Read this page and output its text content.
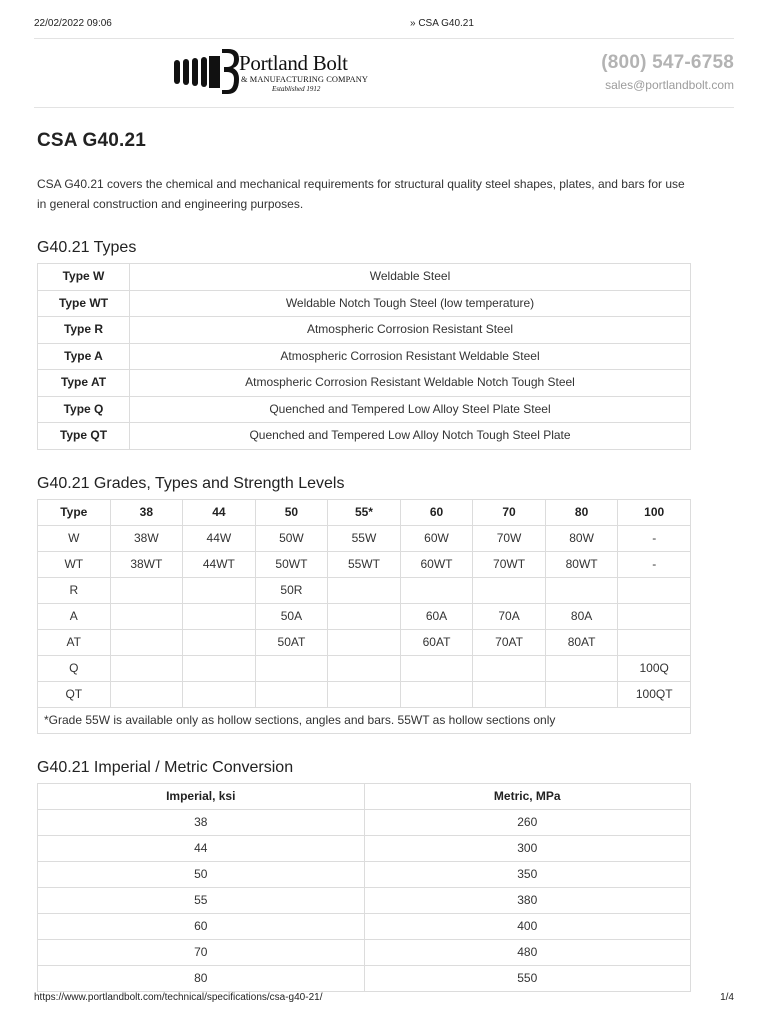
22/02/2022 09:06	» CSA G40.21
Portland Bolt
& MANUFACTURING COMPANY
Established 1912
(800) 547-6758
sales@portlandbolt.com
CSA G40.21

CSA G40.21 covers the chemical and mechanical requirements for structural quality steel shapes, plates, and bars for use in general construction and engineering purposes.

G40.21 Types
Type W	Weldable Steel
Type WT	Weldable Notch Tough Steel (low temperature)
Type R	Atmospheric Corrosion Resistant Steel
Type A	Atmospheric Corrosion Resistant Weldable Steel
Type AT	Atmospheric Corrosion Resistant Weldable Notch Tough Steel
Type Q	Quenched and Tempered Low Alloy Steel Plate Steel
Type QT	Quenched and Tempered Low Alloy Notch Tough Steel Plate
G40.21 Grades, Types and Strength Levels
Type	38	44	50	55*	60	70	80	100
W	38W	44W	50W	55W	60W	70W	80W	-
WT	38WT	44WT	50WT	55WT	60WT	70WT	80WT	-
R			50R					
A			50A		60A	70A	80A	
AT			50AT		60AT	70AT	80AT	
Q								100Q
QT								100QT
*Grade 55W is available only as hollow sections, angles and bars. 55WT as hollow sections only								
G40.21 Imperial / Metric Conversion
Imperial, ksi	Metric, MPa
38	260
44	300
50	350
55	380
60	400
70	480
80	550
https://www.portlandbolt.com/technical/specifications/csa-g40-21/	1/4
